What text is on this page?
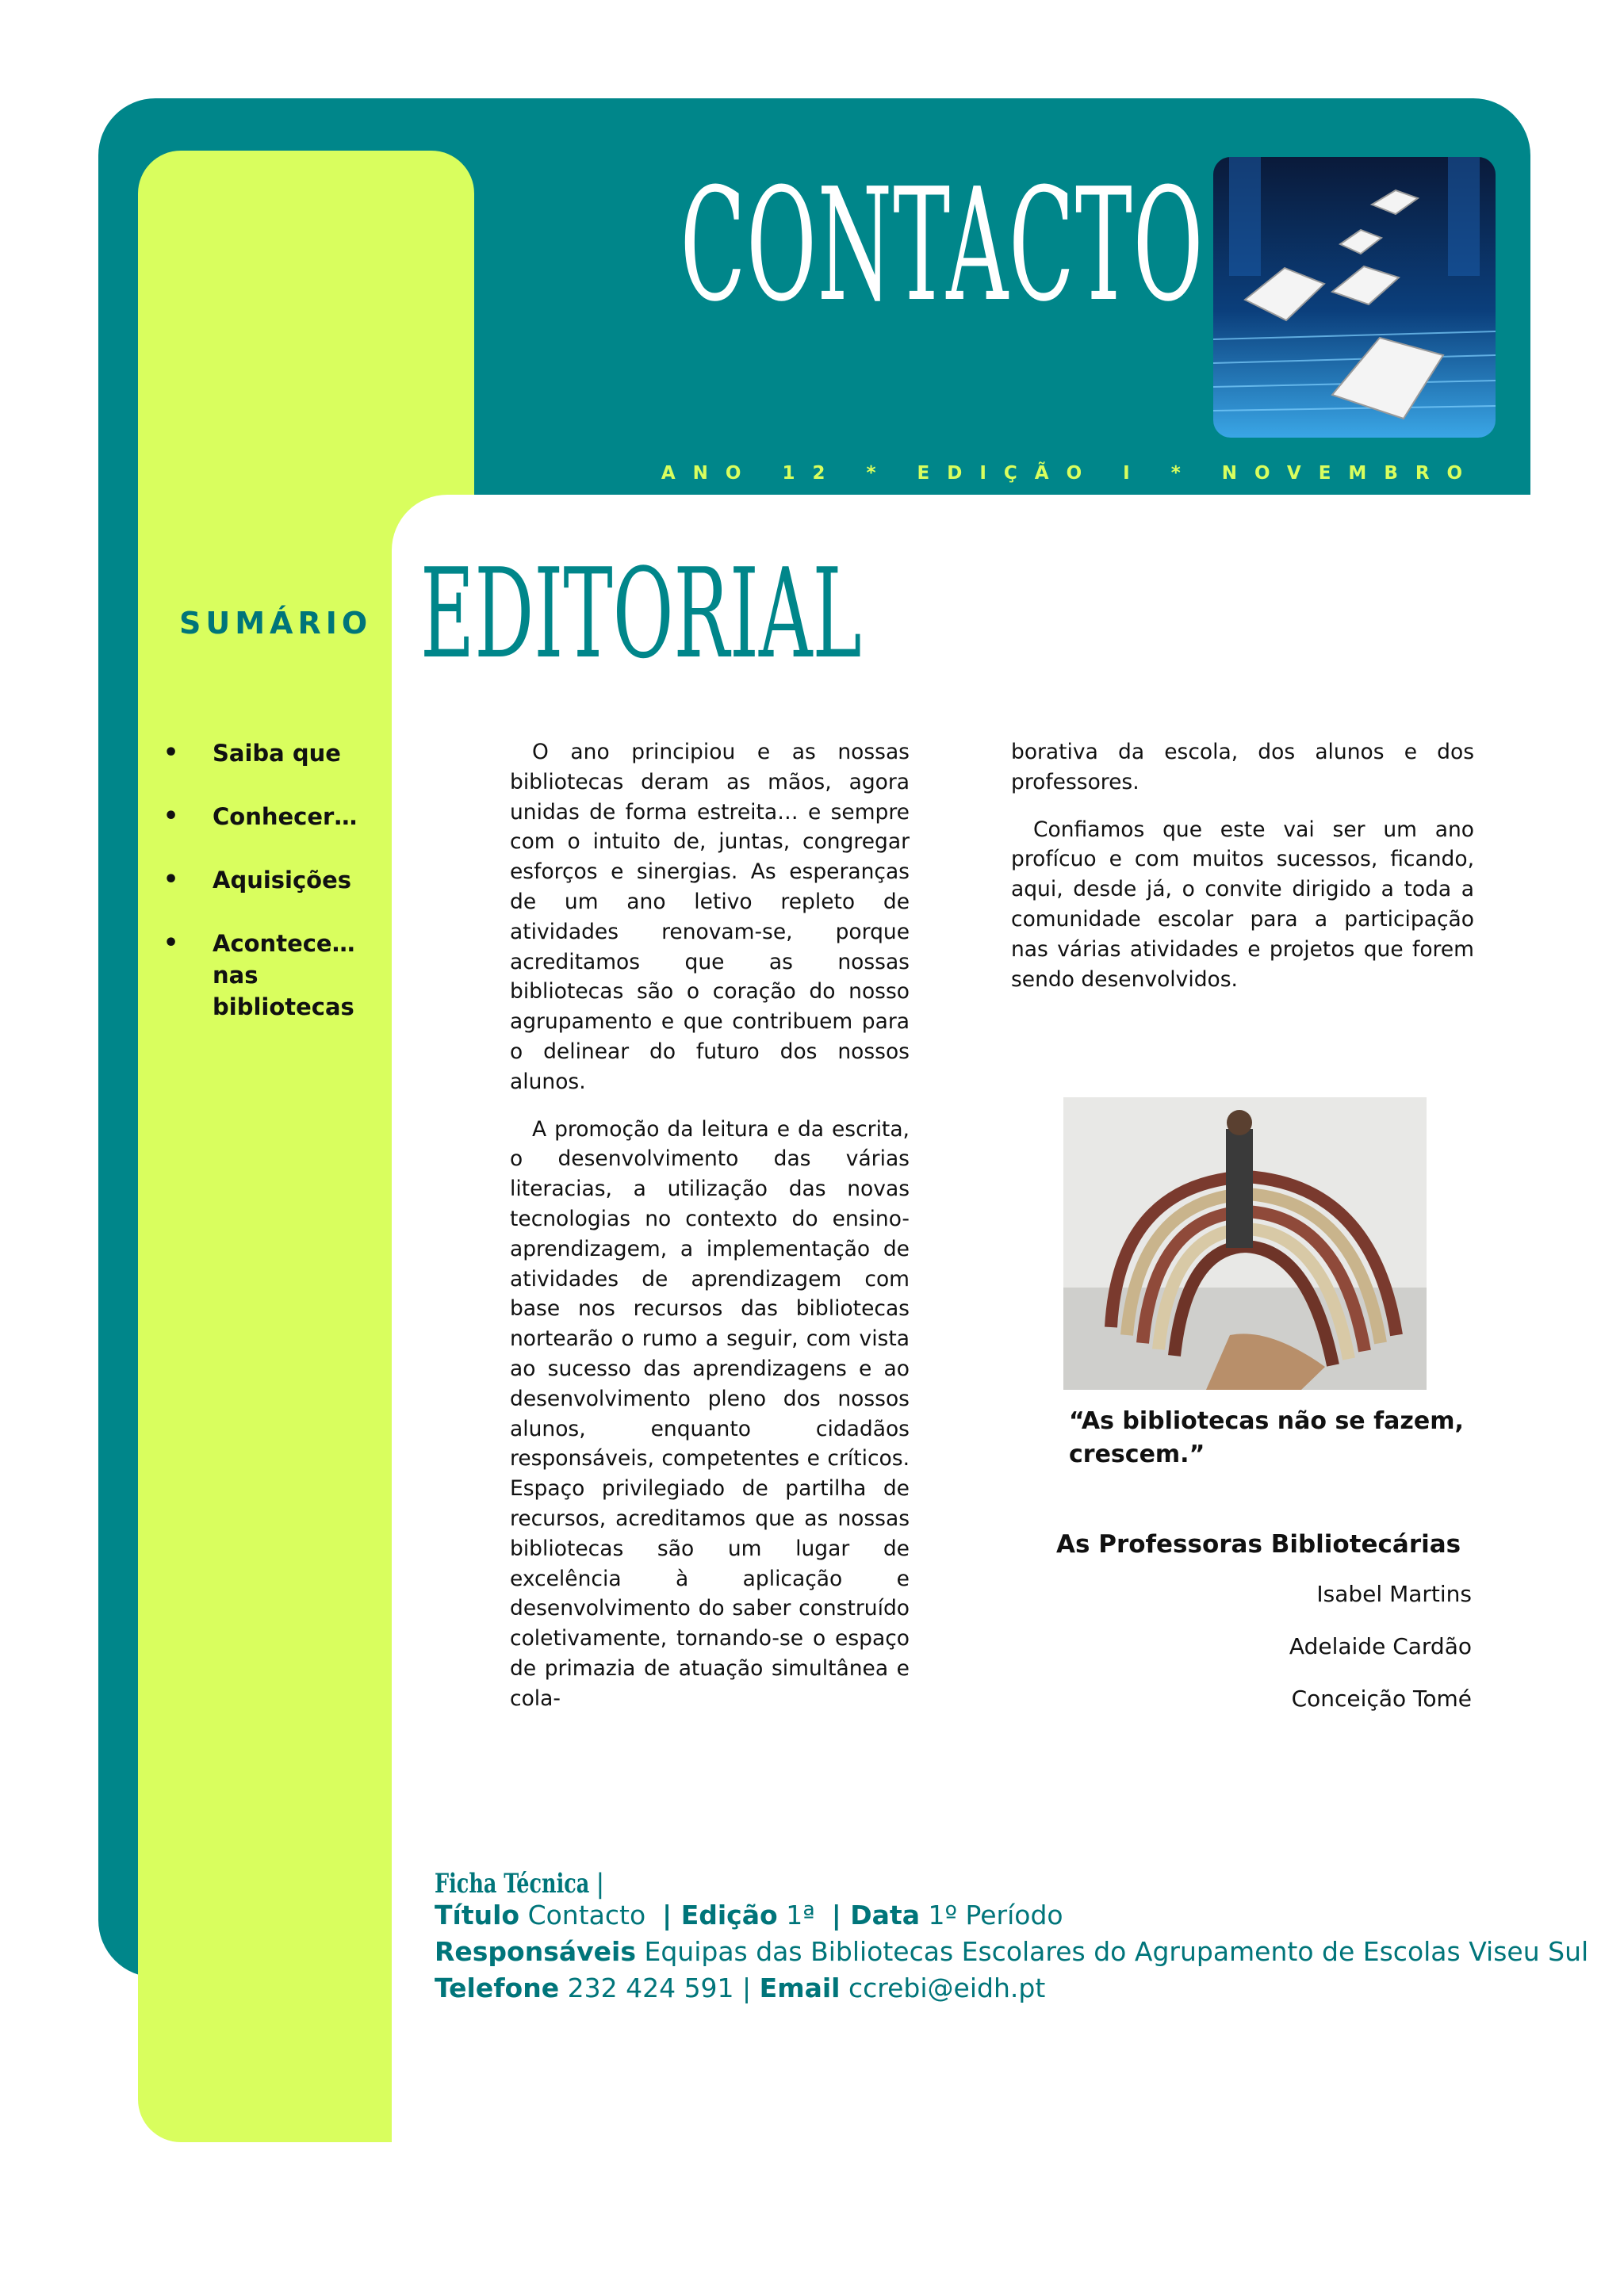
CONTACTO
ANO 12 * EDIÇÃO I * NOVEMBRO
EDITORIAL
SUMÁRIO
• Saiba que
• Conhecer…
• Aquisições
• Acontece… nas bibliotecas

O ano principiou e as nossas bibliotecas deram as mãos, agora unidas de forma estreita… e sempre com o intuito de, juntas, congregar esforços e sinergias. As esperanças de um ano letivo repleto de atividades renovam-se, porque acreditamos que as nossas bibliotecas são o coração do nosso agrupamento e que contribuem para o delinear do futuro dos nossos alunos.

A promoção da leitura e da escrita, o desenvolvimento das várias literacias, a utilização das novas tecnologias no contexto do ensino-aprendizagem, a implementação de atividades de aprendizagem com base nos recursos das bibliotecas nortearão o rumo a seguir, com vista ao sucesso das aprendizagens e ao desenvolvimento pleno dos nossos alunos, enquanto cidadãos responsáveis, competentes e críticos. Espaço privilegiado de partilha de recursos, acreditamos que as nossas bibliotecas são um lugar de excelência à aplicação e desenvolvimento do saber construído coletivamente, tornando-se o espaço de primazia de atuação simultânea e cola-

borativa da escola, dos alunos e dos professores.

Confiamos que este vai ser um ano profícuo e com muitos sucessos, ficando, aqui, desde já, o convite dirigido a toda a comunidade escolar para a participação nas várias atividades e projetos que forem sendo desenvolvidos.

“As bibliotecas não se fazem, crescem.”
As Professoras Bibliotecárias
Isabel Martins
Adelaide Cardão
Conceição Tomé
Ficha Técnica |
Título Contacto | Edição 1ª | Data 1º Período
Responsáveis Equipas das Bibliotecas Escolares do Agrupamento de Escolas Viseu Sul
Telefone 232 424 591 | Email ccrebi@eidh.pt
